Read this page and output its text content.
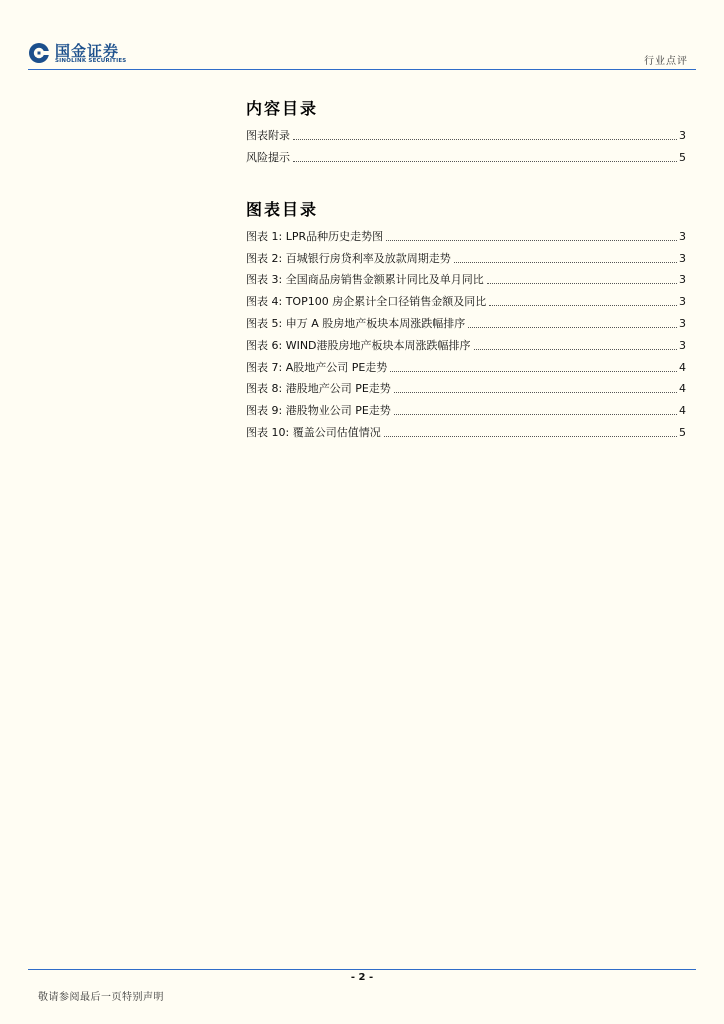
国金证券
SINOLINK SECURITIES	行业点评
内容目录
图表附录	3
风险提示	5
图表目录
图表 1: LPR品种历史走势图	3
图表 2: 百城银行房贷利率及放款周期走势	3
图表 3: 全国商品房销售金额累计同比及单月同比	3
图表 4: TOP100 房企累计全口径销售金额及同比	3
图表 5: 申万 A 股房地产板块本周涨跌幅排序	3
图表 6: WIND港股房地产板块本周涨跌幅排序	3
图表 7: A股地产公司 PE走势	4
图表 8: 港股地产公司 PE走势	4
图表 9: 港股物业公司 PE走势	4
图表 10: 覆盖公司估值情况	5
- 2 -
敬请参阅最后一页特别声明
